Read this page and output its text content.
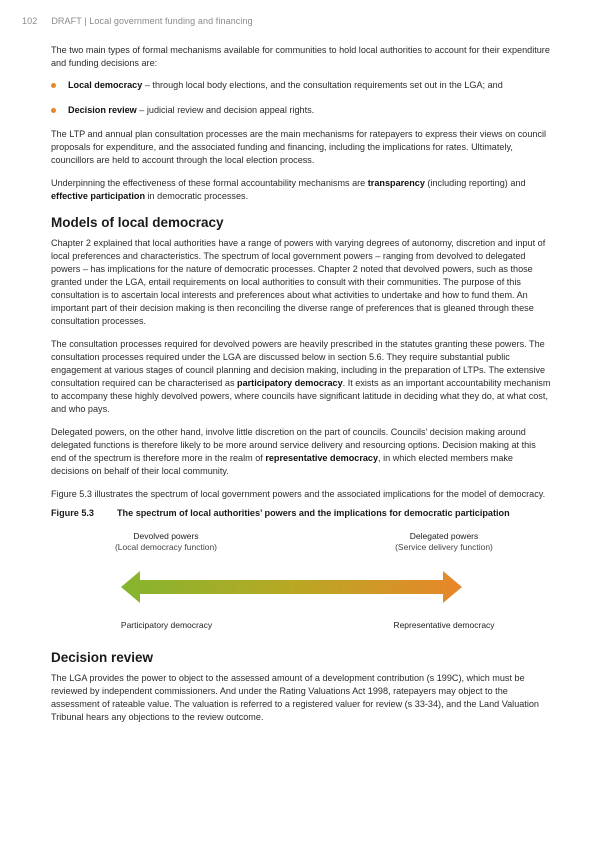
102 DRAFT | Local government funding and financing

The two main types of formal mechanisms available for communities to hold local authorities to account for their expenditure and funding decisions are:

Local democracy – through local body elections, and the consultation requirements set out in the LGA; and
Decision review – judicial review and decision appeal rights.

The LTP and annual plan consultation processes are the main mechanisms for ratepayers to express their views on council proposals for expenditure, and the associated funding and financing, including the implications for rates. Ultimately, councillors are held to account through the local election process.

Underpinning the effectiveness of these formal accountability mechanisms are transparency (including reporting) and effective participation in democratic processes.

Models of local democracy

Chapter 2 explained that local authorities have a range of powers with varying degrees of autonomy, discretion and input of local preferences and characteristics. The spectrum of local government powers – ranging from devolved to delegated powers – has implications for the nature of democratic processes. Chapter 2 noted that devolved powers, such as those granted under the LGA, entail requirements on local authorities to consult with their communities. The purpose of this consultation is to ascertain local interests and preferences about what activities to undertake and how to fund them. An important part of their decision making is then reconciling the diverse range of preferences that is gleaned through these consultation processes.

The consultation processes required for devolved powers are heavily prescribed in the statutes granting these powers. The consultation processes required under the LGA are discussed below in section 5.6. They require substantial public engagement at various stages of council planning and decision making, including in the preparation of LTPs. The extensive consultation required can be characterised as participatory democracy. It exists as an important accountability mechanism to accompany these highly devolved powers, where councils have significant latitude in deciding what they do, at what cost, and who pays.

Delegated powers, on the other hand, involve little discretion on the part of councils. Councils’ decision making around delegated functions is therefore likely to be more around service delivery and resourcing options. Decision making at this end of the spectrum is therefore more in the realm of representative democracy, in which elected members make decisions on behalf of their local community.

Figure 5.3 illustrates the spectrum of local government powers and the associated implications for the model of democracy.

Figure 5.3	The spectrum of local authorities’ powers and the implications for democratic participation
Devolved powers
(Local democracy function)
Delegated powers
(Service delivery function)
Participatory democracy	Representative democracy
Decision review

The LGA provides the power to object to the assessed amount of a development contribution (s 199C), which must be reviewed by independent commissioners. And under the Rating Valuations Act 1998, ratepayers may object to the assessment of rateable value. The valuation is referred to a registered valuer for review (s 33-34), and the Land Valuation Tribunal hears any objections to the review outcome.
